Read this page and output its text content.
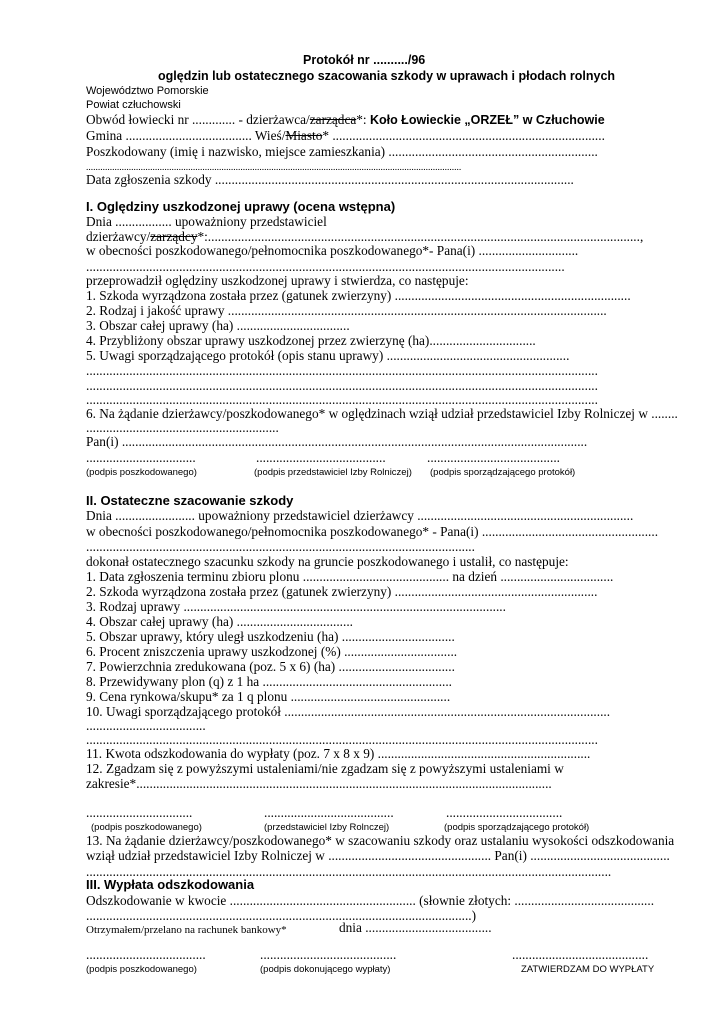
Protokół nr ........../96
oględzin lub ostatecznego szacowania szkody w uprawach i płodach rolnych
Województwo Pomorskie
Powiat człuchowski
Obwód łowiecki nr ............. - dzierżawca/zarządca*: Koło Łowieckie „ORZEŁ” w Człuchowie
Gmina ...................................... Wieś/Miasto* ..................................................................................
Poszkodowany (imię i nazwisko, miejsce zamieszkania) ...............................................................
..............................................................................................................................................................
Data zgłoszenia szkody ............................................................................................................
I. Oględziny uszkodzonej uprawy (ocena wstępna)
Dnia ................. upoważniony przedstawiciel
dzierżawcy/zarządcy*:..................................................................................................................................,
w obecności poszkodowanego/pełnomocnika poszkodowanego*- Pana(i) ..............................
................................................................................................................................................
przeprowadził oględziny uszkodzonej uprawy i stwierdza, co następuje:
1. Szkoda wyrządzona została przez (gatunek zwierzyny) .......................................................................
2. Rodzaj i jakość uprawy ..................................................................................................................
3. Obszar całej uprawy (ha) ..................................
4. Przybliżony obszar uprawy uszkodzonej przez zwierzynę (ha)................................
5. Uwagi sporządzającego protokół (opis stanu uprawy) .......................................................
..........................................................................................................................................................
..........................................................................................................................................................
..........................................................................................................................................................
6. Na żądanie dzierżawcy/poszkodowanego* w oględzinach wziął udział przedstawiciel Izby Rolniczej w ........
..........................................................
Pan(i) ............................................................................................................................................
.................................	.......................................	........................................
(podpis poszkodowanego)	(podpis przedstawiciel Izby Rolniczej) (podpis sporządzającego protokół)
II. Ostateczne szacowanie szkody
Dnia ........................ upoważniony przedstawiciel dzierżawcy .................................................................
w obecności poszkodowanego/pełnomocnika poszkodowanego* - Pana(i) .....................................................
.....................................................................................................................
dokonał ostatecznego szacunku szkody na gruncie poszkodowanego i ustalił, co następuje:
1. Data zgłoszenia terminu zbioru plonu ............................................ na dzień ..................................
2. Szkoda wyrządzona została przez (gatunek zwierzyny) .............................................................
3. Rodzaj uprawy .................................................................................................
4. Obszar całej uprawy (ha) ...................................
5. Obszar uprawy, który uległ uszkodzeniu (ha) ..................................
6. Procent zniszczenia uprawy uszkodzonej (%) ..................................
7. Powierzchnia zredukowana (poz. 5 x 6) (ha) ...................................
8. Przewidywany plon (q) z 1 ha .........................................................
9. Cena rynkowa/skupu* za 1 q plonu ................................................
10. Uwagi sporządzającego protokół ..................................................................................................
....................................
..........................................................................................................................................................
11. Kwota odszkodowania do wypłaty (poz. 7 x 8 x 9) ................................................................
12. Zgadzam się z powyższymi ustaleniami/nie zgadzam się z powyższymi ustaleniami w
zakresie*.............................................................................................................................
................................	.......................................	...................................
(podpis poszkodowanego)	(przedstawiciel Izby Rolnczej)	(podpis sporządzającego protokół)
13. Na żądanie dzierżawcy/poszkodowanego* w szacowaniu szkody oraz ustalaniu wysokości odszkodowania
wziął udział przedstawiciel Izby Rolniczej w ................................................. Pan(i) ..........................................
..............................................................................................................................................................
III. Wypłata odszkodowania
Odszkodowanie w kwocie ........................................................ (słownie złotych: ..........................................
....................................................................................................................)
Otrzymałem/przelano na rachunek bankowy*	dnia ......................................
....................................	.........................................	.........................................
(podpis poszkodowanego)	(podpis dokonującego wypłaty)	ZATWIERDZAM DO WYPŁATY
